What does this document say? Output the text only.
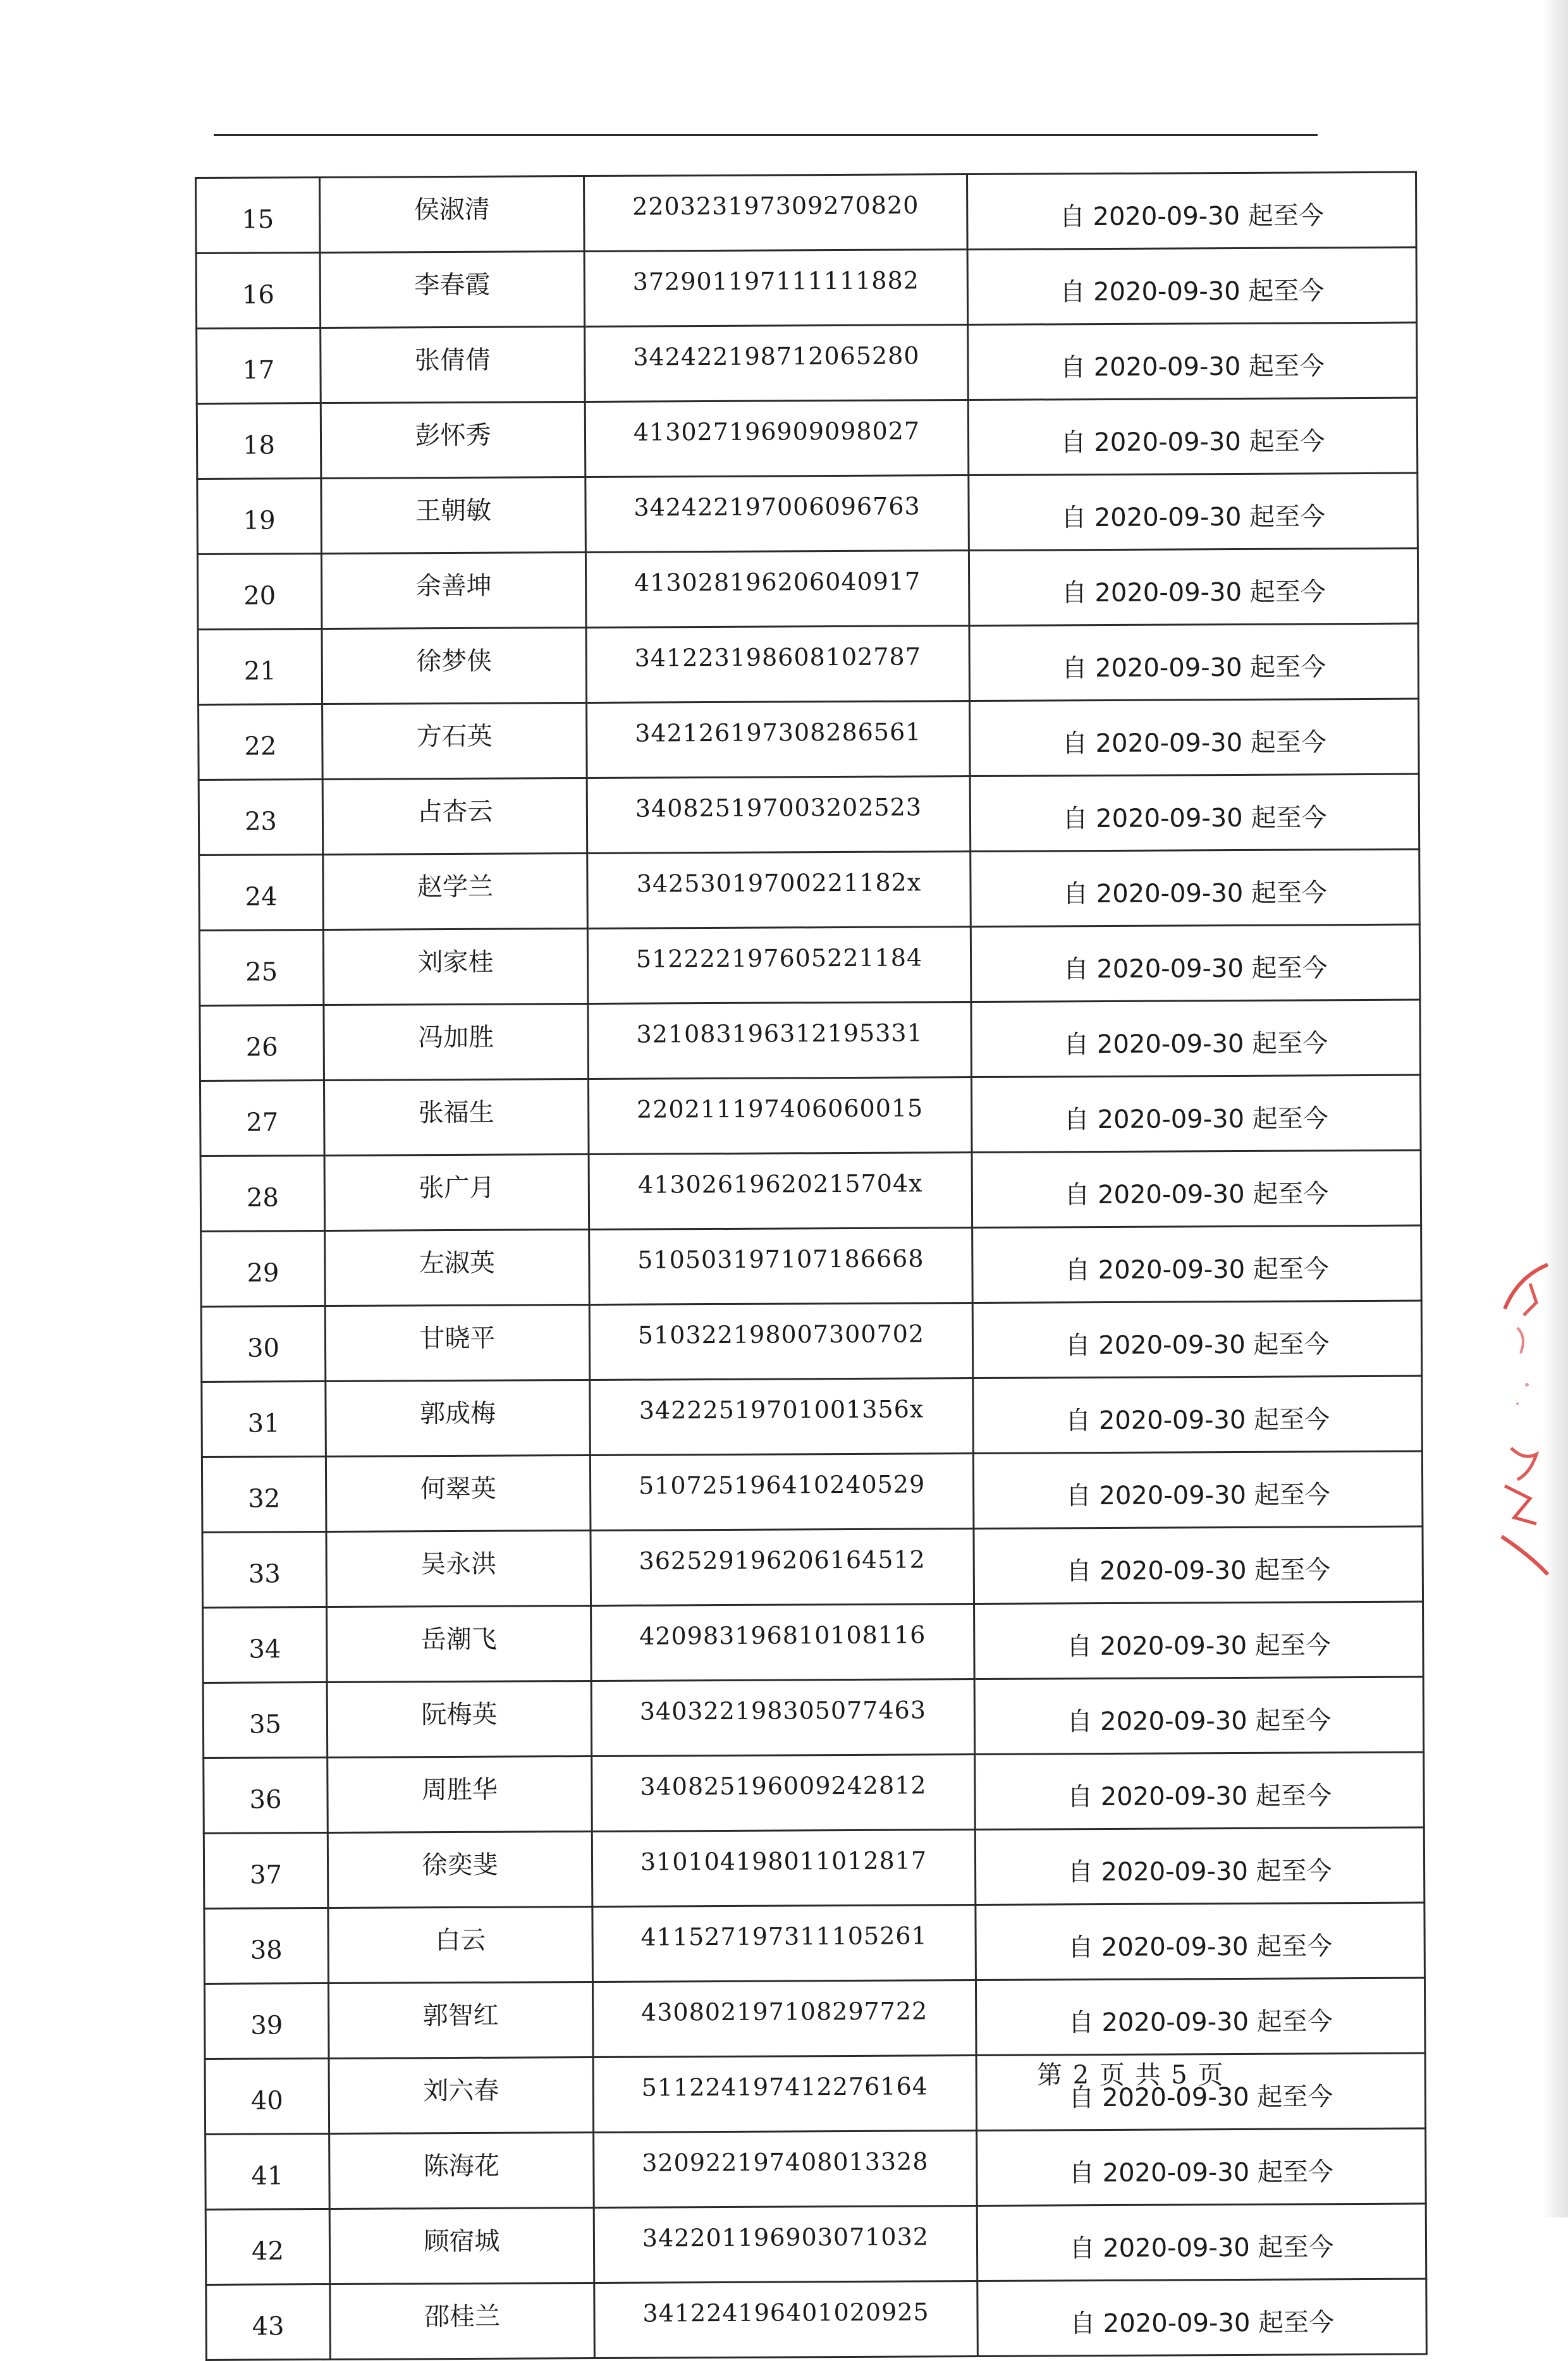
15	侯淑清	220323197309270820	自 2020-09-30 起至今
16	李春霞	372901197111111882	自 2020-09-30 起至今
17	张倩倩	342422198712065280	自 2020-09-30 起至今
18	彭怀秀	413027196909098027	自 2020-09-30 起至今
19	王朝敏	342422197006096763	自 2020-09-30 起至今
20	余善坤	413028196206040917	自 2020-09-30 起至今
21	徐梦侠	341223198608102787	自 2020-09-30 起至今
22	方石英	342126197308286561	自 2020-09-30 起至今
23	占杏云	340825197003202523	自 2020-09-30 起至今
24	赵学兰	34253019700221182x	自 2020-09-30 起至今
25	刘家桂	512222197605221184	自 2020-09-30 起至今
26	冯加胜	321083196312195331	自 2020-09-30 起至今
27	张福生	220211197406060015	自 2020-09-30 起至今
28	张广月	41302619620215704x	自 2020-09-30 起至今
29	左淑英	510503197107186668	自 2020-09-30 起至今
30	甘晓平	510322198007300702	自 2020-09-30 起至今
31	郭成梅	34222519701001356x	自 2020-09-30 起至今
32	何翠英	510725196410240529	自 2020-09-30 起至今
33	吴永洪	362529196206164512	自 2020-09-30 起至今
34	岳潮飞	420983196810108116	自 2020-09-30 起至今
35	阮梅英	340322198305077463	自 2020-09-30 起至今
36	周胜华	340825196009242812	自 2020-09-30 起至今
37	徐奕斐	310104198011012817	自 2020-09-30 起至今
38	白云	411527197311105261	自 2020-09-30 起至今
39	郭智红	430802197108297722	自 2020-09-30 起至今
40	刘六春	511224197412276164	自 2020-09-30 起至今
41	陈海花	320922197408013328	自 2020-09-30 起至今
42	顾宿城	342201196903071032	自 2020-09-30 起至今
43	邵桂兰	341224196401020925	自 2020-09-30 起至今
第 2 页 共 5 页
